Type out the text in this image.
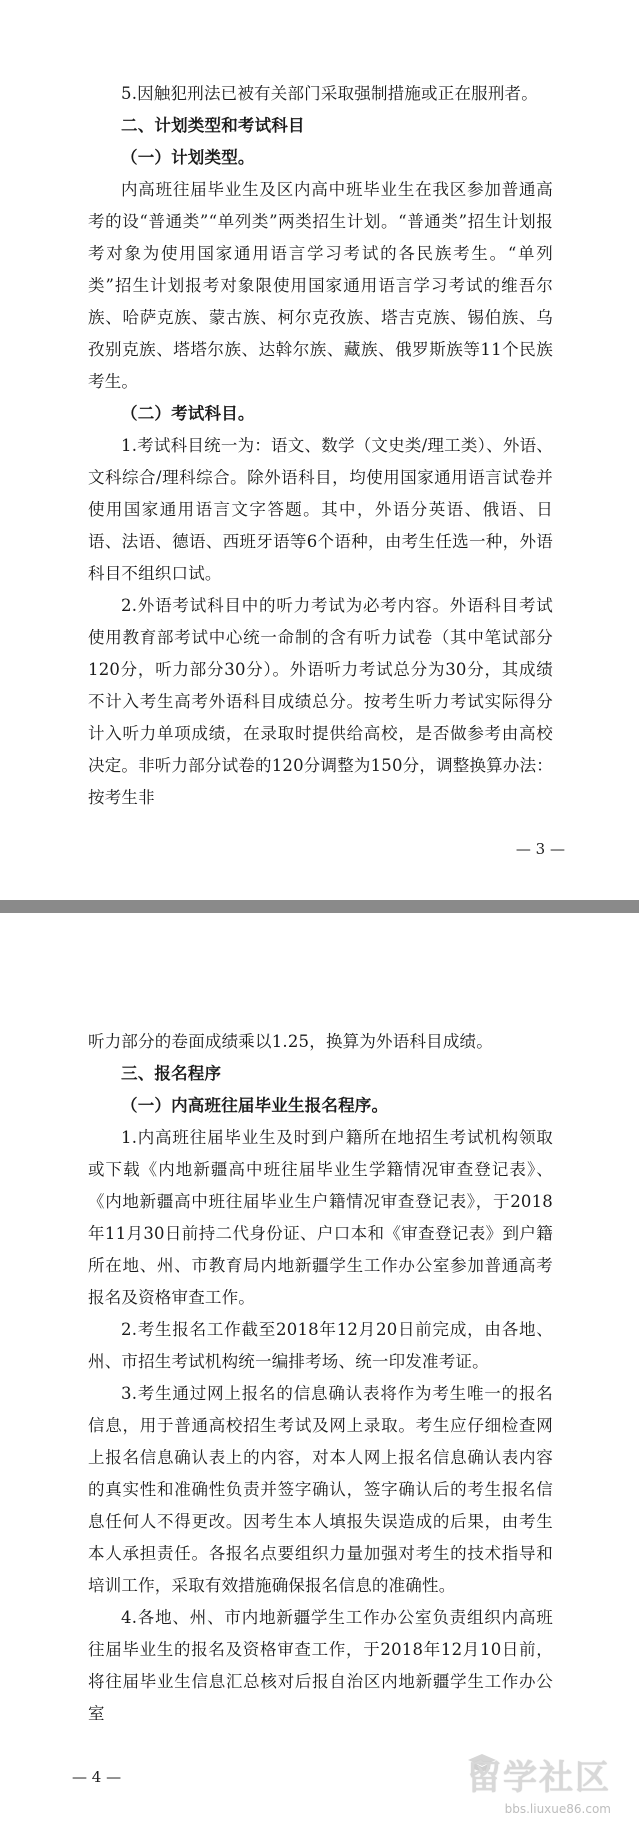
5.因触犯刑法已被有关部门采取强制措施或正在服刑者。

二、计划类型和考试科目

（一）计划类型。

内高班往届毕业生及区内高中班毕业生在我区参加普通高考的设“普通类”“单列类”两类招生计划。“普通类”招生计划报考对象为使用国家通用语言学习考试的各民族考生。“单列类”招生计划报考对象限使用国家通用语言学习考试的维吾尔族、哈萨克族、蒙古族、柯尔克孜族、塔吉克族、锡伯族、乌孜别克族、塔塔尔族、达斡尔族、藏族、俄罗斯族等11个民族考生。

（二）考试科目。

1.考试科目统一为：语文、数学（文史类/理工类）、外语、文科综合/理科综合。除外语科目，均使用国家通用语言试卷并使用国家通用语言文字答题。其中，外语分英语、俄语、日语、法语、德语、西班牙语等6个语种，由考生任选一种，外语科目不组织口试。

2.外语考试科目中的听力考试为必考内容。外语科目考试使用教育部考试中心统一命制的含有听力试卷（其中笔试部分120分，听力部分30分）。外语听力考试总分为30分，其成绩不计入考生高考外语科目成绩总分。按考生听力考试实际得分计入听力单项成绩，在录取时提供给高校，是否做参考由高校决定。非听力部分试卷的120分调整为150分，调整换算办法：按考生非

听力部分的卷面成绩乘以1.25，换算为外语科目成绩。

三、报名程序

（一）内高班往届毕业生报名程序。

1.内高班往届毕业生及时到户籍所在地招生考试机构领取或下载《内地新疆高中班往届毕业生学籍情况审查登记表》、《内地新疆高中班往届毕业生户籍情况审查登记表》，于2018年11月30日前持二代身份证、户口本和《审查登记表》到户籍所在地、州、市教育局内地新疆学生工作办公室参加普通高考报名及资格审查工作。

2.考生报名工作截至2018年12月20日前完成，由各地、州、市招生考试机构统一编排考场、统一印发准考证。

3.考生通过网上报名的信息确认表将作为考生唯一的报名信息，用于普通高校招生考试及网上录取。考生应仔细检查网上报名信息确认表上的内容，对本人网上报名信息确认表内容的真实性和准确性负责并签字确认，签字确认后的考生报名信息任何人不得更改。因考生本人填报失误造成的后果，由考生本人承担责任。各报名点要组织力量加强对考生的技术指导和培训工作，采取有效措施确保报名信息的准确性。

4.各地、州、市内地新疆学生工作办公室负责组织内高班往届毕业生的报名及资格审查工作，于2018年12月10日前，将往届毕业生信息汇总核对后报自治区内地新疆学生工作办公室

— 3 —
— 4 —	留学社区
bbs.liuxue86.com
